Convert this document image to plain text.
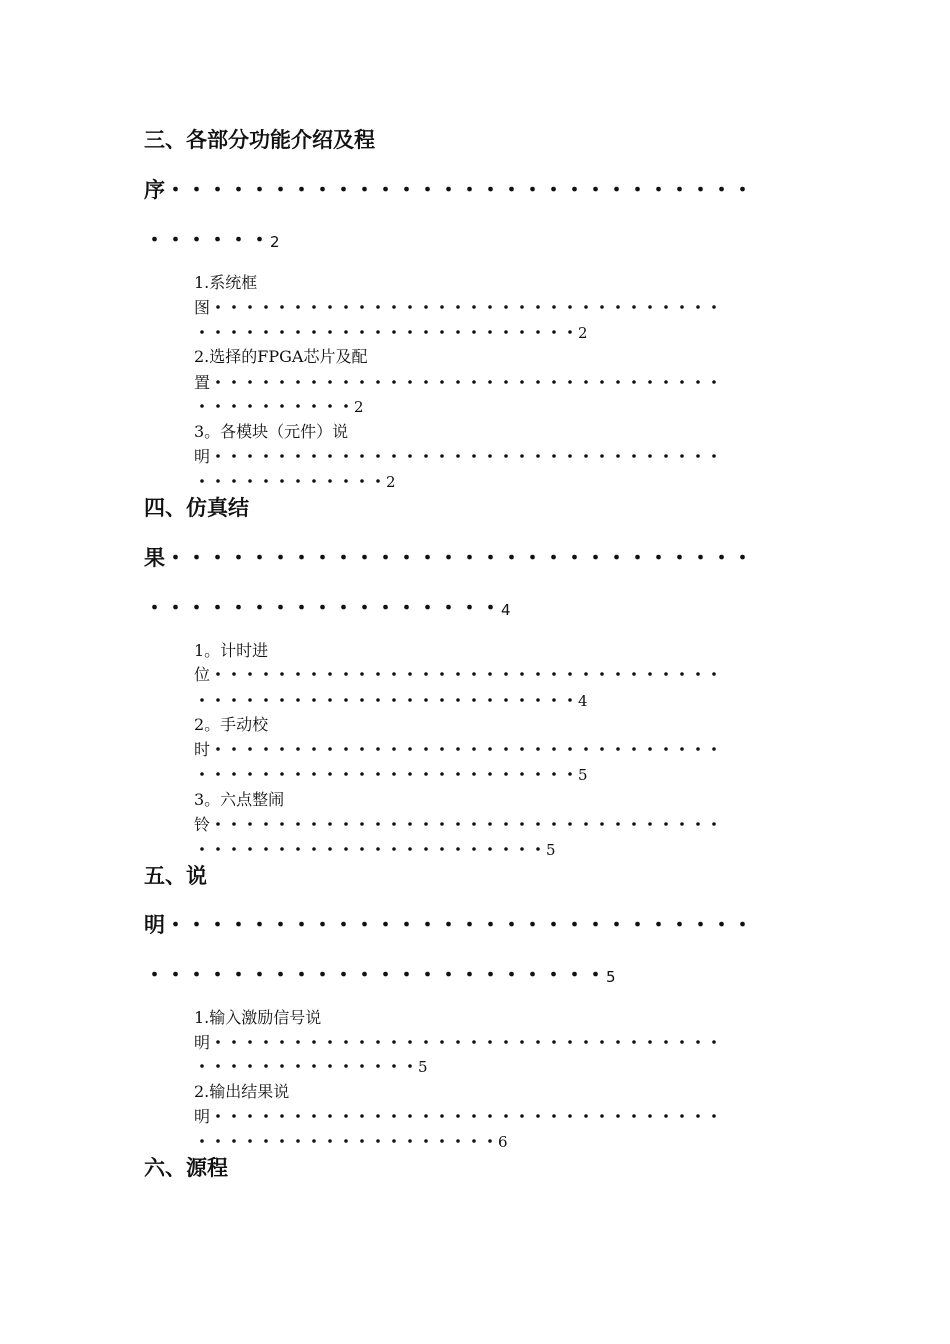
三、各部分功能介绍及程
序・・・・・・・・・・・・・・・・・・・・・・・・・・・・
・・・・・・2
1.系统框
图・・・・・・・・・・・・・・・・・・・・・・・・・・・・・・・・
・・・・・・・・・・・・・・・・・・・・・・・・2
2.选择的FPGA芯片及配
置・・・・・・・・・・・・・・・・・・・・・・・・・・・・・・・・
・・・・・・・・・・2
3。各模块（元件）说
明・・・・・・・・・・・・・・・・・・・・・・・・・・・・・・・・
・・・・・・・・・・・・2
四、仿真结
果・・・・・・・・・・・・・・・・・・・・・・・・・・・・
・・・・・・・・・・・・・・・・・4
1。计时进
位・・・・・・・・・・・・・・・・・・・・・・・・・・・・・・・・
・・・・・・・・・・・・・・・・・・・・・・・・4
2。手动校
时・・・・・・・・・・・・・・・・・・・・・・・・・・・・・・・・
・・・・・・・・・・・・・・・・・・・・・・・・5
3。六点整闹
铃・・・・・・・・・・・・・・・・・・・・・・・・・・・・・・・・
・・・・・・・・・・・・・・・・・・・・・・5
五、说
明・・・・・・・・・・・・・・・・・・・・・・・・・・・・
・・・・・・・・・・・・・・・・・・・・・・5
1.输入激励信号说
明・・・・・・・・・・・・・・・・・・・・・・・・・・・・・・・・
・・・・・・・・・・・・・・5
2.输出结果说
明・・・・・・・・・・・・・・・・・・・・・・・・・・・・・・・・
・・・・・・・・・・・・・・・・・・・6
六、源程
